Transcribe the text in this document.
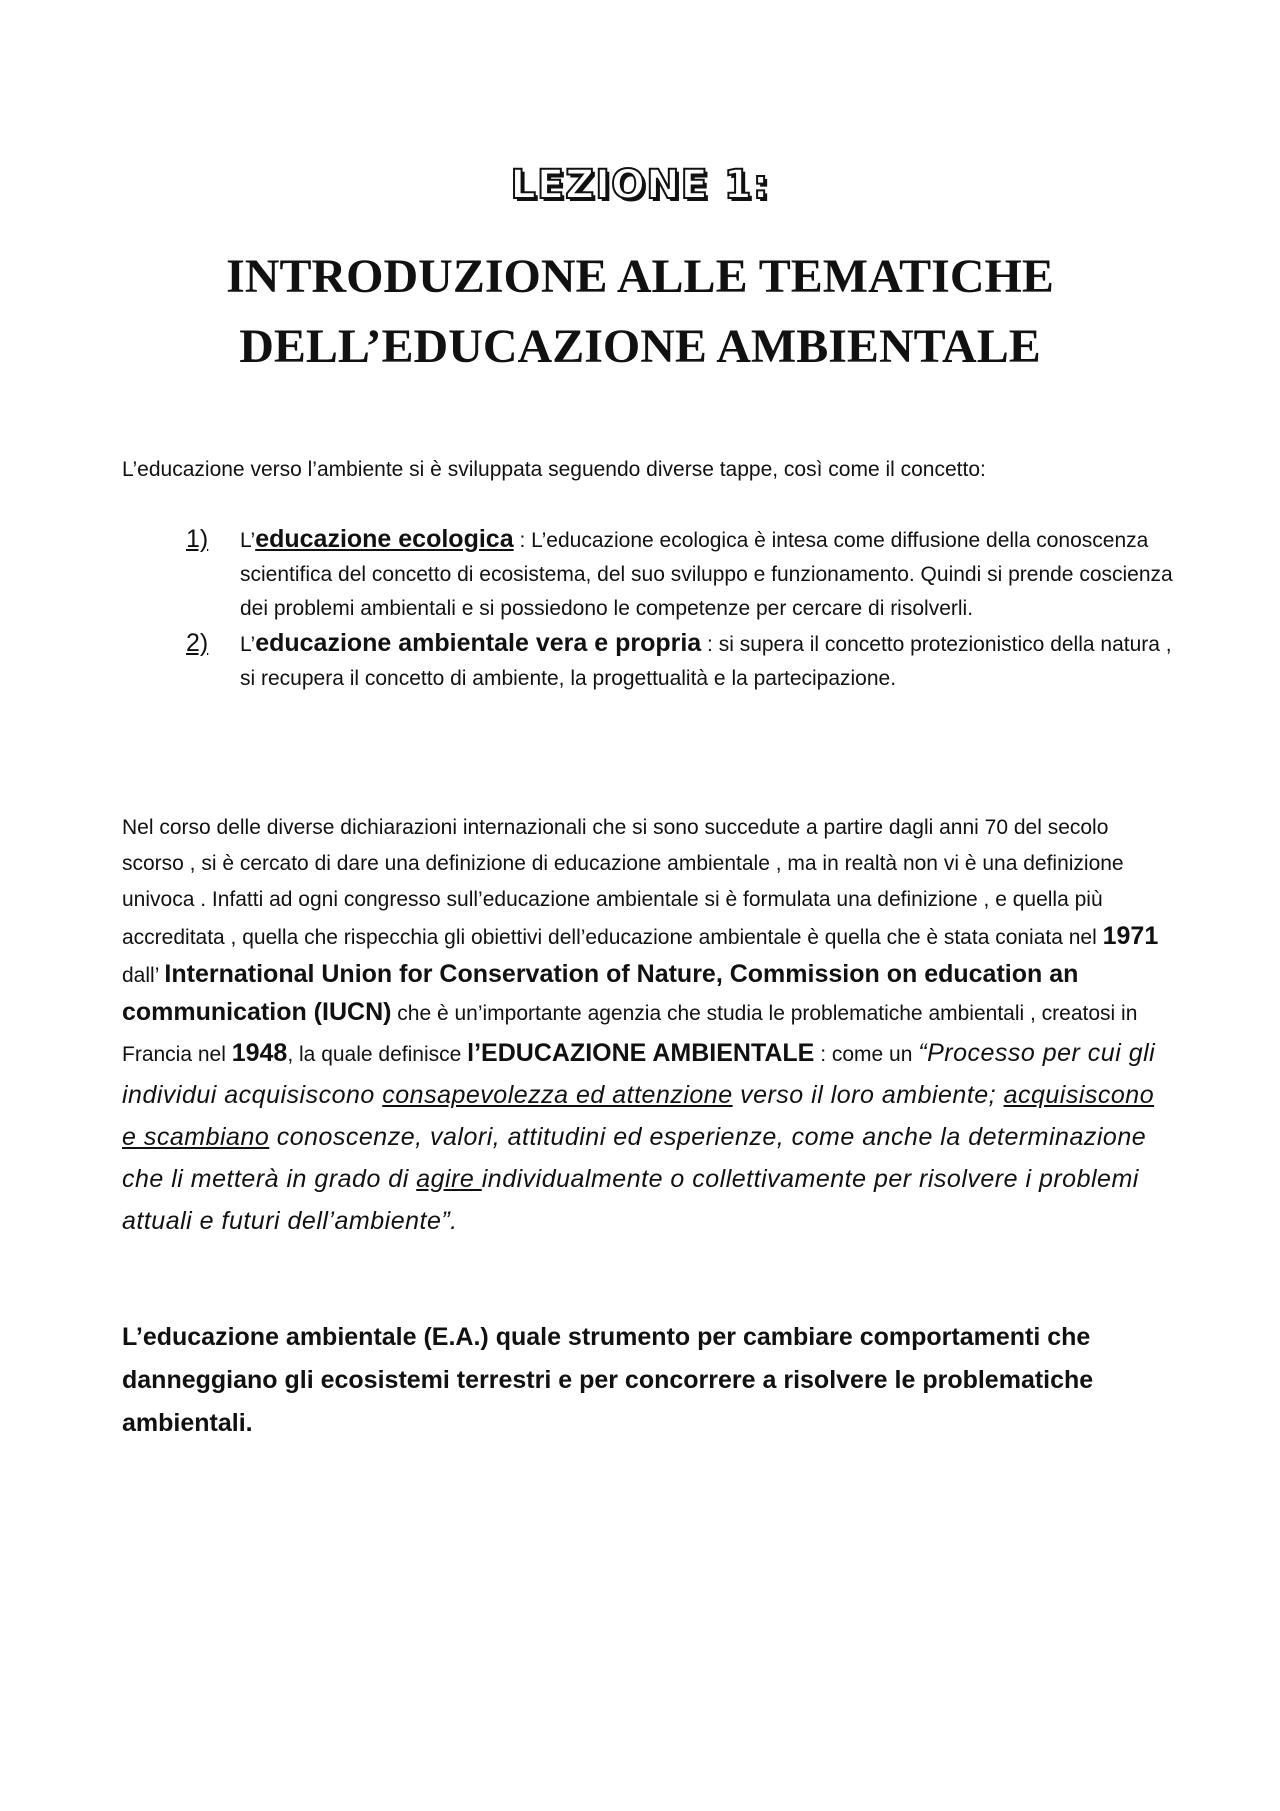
LEZIONE 1:
INTRODUZIONE ALLE TEMATICHE
DELL’EDUCAZIONE AMBIENTALE
L’educazione verso l’ambiente si è sviluppata seguendo diverse tappe, così come il concetto:
1) L’educazione ecologica : L’educazione ecologica è intesa come diffusione della conoscenza scientifica del concetto di ecosistema, del suo sviluppo e funzionamento. Quindi si prende coscienza dei problemi ambientali e si possiedono le competenze per cercare di risolverli.
2) L’educazione ambientale vera e propria : si supera il concetto protezionistico della natura , si recupera il concetto di ambiente, la progettualità e la partecipazione.
Nel corso delle diverse dichiarazioni internazionali che si sono succedute a partire dagli anni 70 del secolo scorso , si è cercato di dare una definizione di educazione ambientale , ma in realtà non vi è una definizione univoca . Infatti ad ogni congresso sull’educazione ambientale si è formulata una definizione , e quella più accreditata , quella che rispecchia gli obiettivi dell’educazione ambientale è quella che è stata coniata nel 1971 dall’ International Union for Conservation of Nature, Commission on education an communication (IUCN) che è un’importante agenzia che studia le problematiche ambientali , creatosi in Francia nel 1948, la quale definisce l’EDUCAZIONE AMBIENTALE : come un “Processo per cui gli individui acquisiscono consapevolezza ed attenzione verso il loro ambiente; acquisiscono e scambiano conoscenze, valori, attitudini ed esperienze, come anche la determinazione che li metterà in grado di agire individualmente o collettivamente per risolvere i problemi attuali e futuri dell’ambiente”.
L’educazione ambientale (E.A.) quale strumento per cambiare comportamenti che danneggiano gli ecosistemi terrestri e per concorrere a risolvere le problematiche ambientali.
